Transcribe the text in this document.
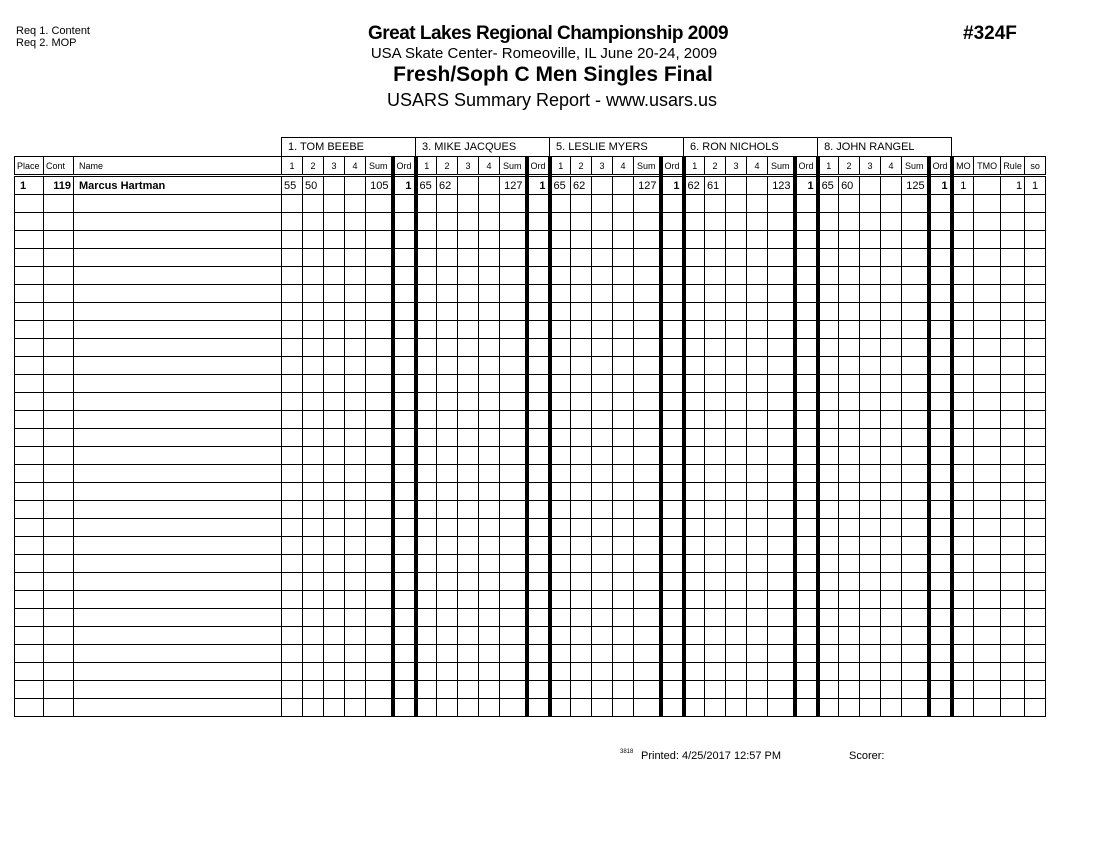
Req 1. Content
Req 2. MOP	Great Lakes Regional Championship 2009
USA Skate Center- Romeoville, IL June 20-24, 2009
Fresh/Soph C Men Singles Final
USARS Summary Report - www.usars.us
#324F
			1. TOM BEEBE						3. MIKE JACQUES						5. LESLIE MYERS						6. RON NICHOLS						8. JOHN RANGEL									
Place	Cont	Name	1	2	3	4	Sum	Ord	1	2	3	4	Sum	Ord	1	2	3	4	Sum	Ord	1	2	3	4	Sum	Ord	1	2	3	4	Sum	Ord	MO	TMO	Rule	so
1	119	Marcus Hartman	55	50			105	1	65	62			127	1	65	62			127	1	62	61			123	1	65	60			125	1	1		1	1

3818 Printed: 4/25/2017 12:57 PM	Scorer:
